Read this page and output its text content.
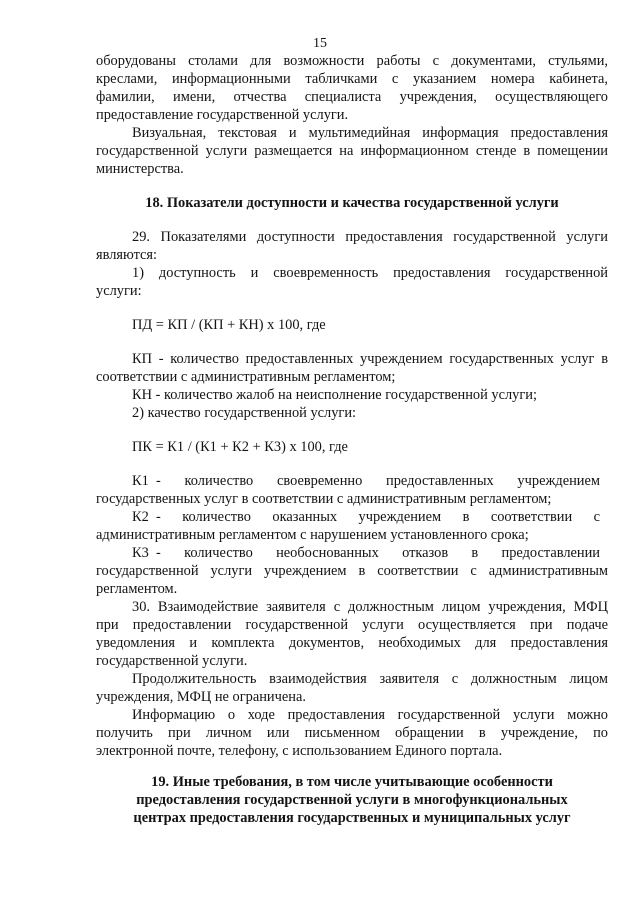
15
оборудованы столами для возможности работы с документами, стульями,
креслами, информационными табличками с указанием номера кабинета,
фамилии, имени, отчества специалиста учреждения, осуществляющего
предоставление государственной услуги.
Визуальная, текстовая и мультимедийная информация предоставления
государственной услуги размещается на информационном стенде в помещении
министерства.
18. Показатели доступности и качества государственной услуги
29. Показателями доступности предоставления государственной услуги
являются:
1) доступность и своевременность предоставления государственной
услуги:
ПД = КП / (КП + КН) х 100, где
КП - количество предоставленных учреждением государственных услуг в
соответствии с административным регламентом;
КН - количество жалоб на неисполнение государственной услуги;
2) качество государственной услуги:
ПК = К1 / (К1 + К2 + К3) х 100, где
К1 - количество своевременно предоставленных учреждением
государственных услуг в соответствии с административным регламентом;
К2 - количество оказанных учреждением в соответствии с
административным регламентом с нарушением установленного срока;
К3 - количество необоснованных отказов в предоставлении
государственной услуги учреждением в соответствии с административным
регламентом.
30. Взаимодействие заявителя с должностным лицом учреждения, МФЦ
при предоставлении государственной услуги осуществляется при подаче
уведомления и комплекта документов, необходимых для предоставления
государственной услуги.
Продолжительность взаимодействия заявителя с должностным лицом
учреждения, МФЦ не ограничена.
Информацию о ходе предоставления государственной услуги можно
получить при личном или письменном обращении в учреждение, по
электронной почте, телефону, с использованием Единого портала.
19. Иные требования, в том числе учитывающие особенности
предоставления государственной услуги в многофункциональных
центрах предоставления государственных и муниципальных услуг
